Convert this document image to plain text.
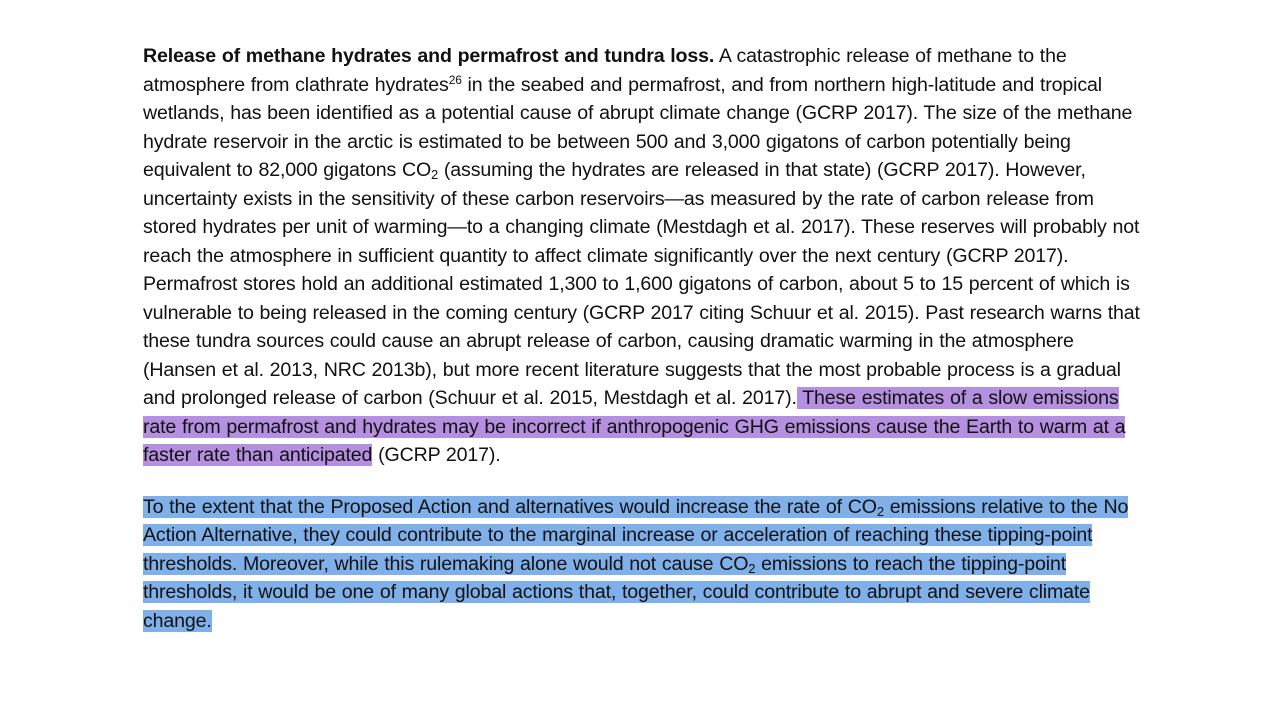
Release of methane hydrates and permafrost and tundra loss. A catastrophic release of methane to the atmosphere from clathrate hydrates$^{26}$ in the seabed and permafrost, and from northern high-latitude and tropical wetlands, has been identified as a potential cause of abrupt climate change (GCRP 2017). The size of the methane hydrate reservoir in the arctic is estimated to be between 500 and 3,000 gigatons of carbon potentially being equivalent to 82,000 gigatons $CO_2$ (assuming the hydrates are released in that state) (GCRP 2017). However, uncertainty exists in the sensitivity of these carbon reservoirs—as measured by the rate of carbon release from stored hydrates per unit of warming—to a changing climate (Mestdagh et al. 2017). These reserves will probably not reach the atmosphere in sufficient quantity to affect climate significantly over the next century (GCRP 2017). Permafrost stores hold an additional estimated 1,300 to 1,600 gigatons of carbon, about 5 to 15 percent of which is vulnerable to being released in the coming century (GCRP 2017 citing Schuur et al. 2015). Past research warns that these tundra sources could cause an abrupt release of carbon, causing dramatic warming in the atmosphere (Hansen et al. 2013, NRC 2013b), but more recent literature suggests that the most probable process is a gradual and prolonged release of carbon (Schuur et al. 2015, Mestdagh et al. 2017). These estimates of a slow emissions rate from permafrost and hydrates may be incorrect if anthropogenic GHG emissions cause the Earth to warm at a faster rate than anticipated (GCRP 2017).

To the extent that the Proposed Action and alternatives would increase the rate of $CO_2$ emissions relative to the No Action Alternative, they could contribute to the marginal increase or acceleration of reaching these tipping-point thresholds. Moreover, while this rulemaking alone would not cause $CO_2$ emissions to reach the tipping-point thresholds, it would be one of many global actions that, together, could contribute to abrupt and severe climate change.
